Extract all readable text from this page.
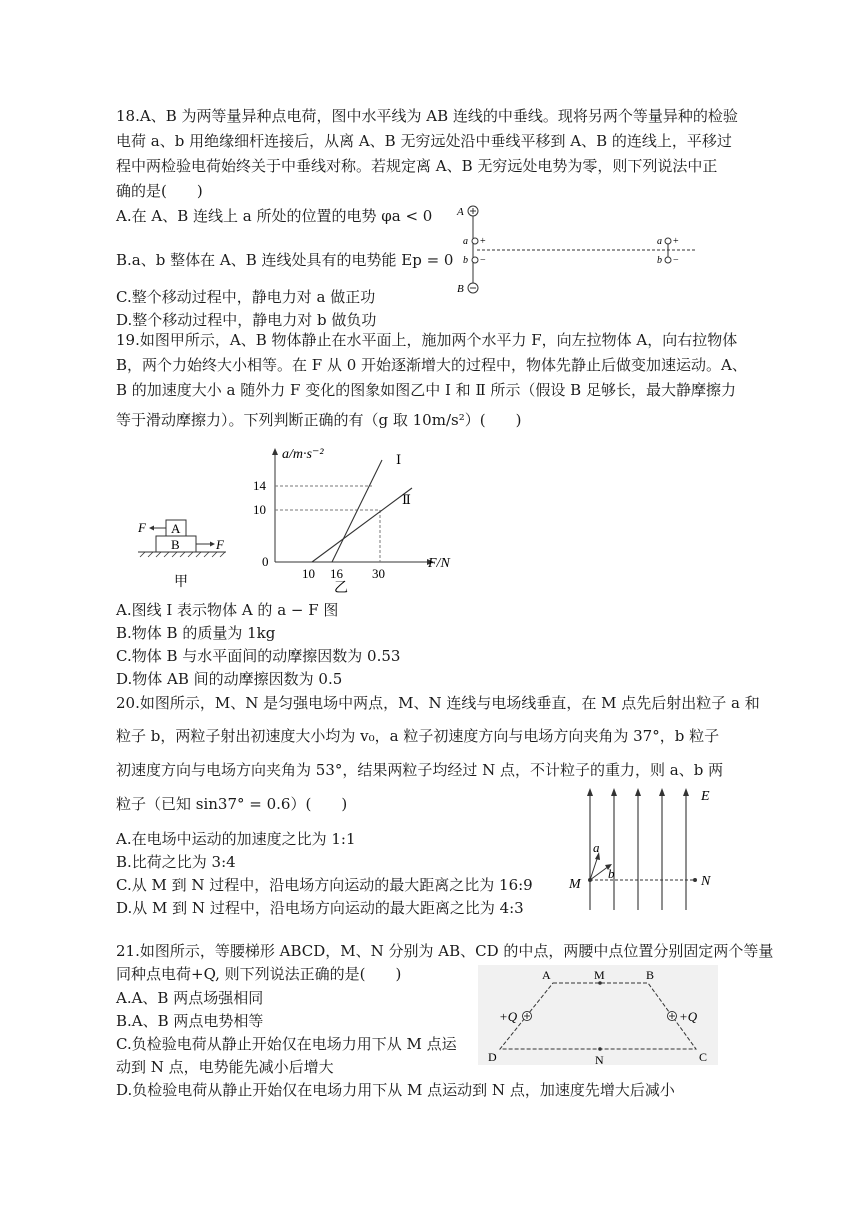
18.A、B 为两等量异种点电荷，图中水平线为 AB 连线的中垂线。现将另两个等量异种的检验
电荷 a、b 用绝缘细杆连接后，从离 A、B 无穷远处沿中垂线平移到 A、B 的连线上，平移过
程中两检验电荷始终关于中垂线对称。若规定离 A、B 无穷远处电势为零，则下列说法中正
确的是(　　)
A.在 A、B 连线上 a 所处的位置的电势 φa < 0
B.a、b 整体在 A、B 连线处具有的电势能 Ep = 0
C.整个移动过程中，静电力对 a 做正功
D.整个移动过程中，静电力对 b 做负功
A
B
+
a
−
b
+
a
−
b
19.如图甲所示，A、B 物体静止在水平面上，施加两个水平力 F，向左拉物体 A，向右拉物体
B，两个力始终大小相等。在 F 从 0 开始逐渐增大的过程中，物体先静止后做变加速运动。A、
B 的加速度大小 a 随外力 F 变化的图象如图乙中 Ⅰ 和 Ⅱ 所示（假设 B 足够长，最大静摩擦力
等于滑动摩擦力）。下列判断正确的有（g 取 10m/s²）(　　)
A
B
F
F
甲
a/m·s⁻²
F/N
0
14
10
10 16 30
Ⅰ
Ⅱ
乙
A.图线 Ⅰ 表示物体 A 的 a − F 图
B.物体 B 的质量为 1kg
C.物体 B 与水平面间的动摩擦因数为 0.53
D.物体 AB 间的动摩擦因数为 0.5
20.如图所示，M、N 是匀强电场中两点，M、N 连线与电场线垂直，在 M 点先后射出粒子 a 和
粒子 b，两粒子射出初速度大小均为 v₀，a 粒子初速度方向与电场方向夹角为 37°，b 粒子
初速度方向与电场方向夹角为 53°，结果两粒子均经过 N 点，不计粒子的重力，则 a、b 两
粒子（已知 sin37° = 0.6）(　　)
A.在电场中运动的加速度之比为 1:1
B.比荷之比为 3:4
C.从 M 到 N 过程中，沿电场方向运动的最大距离之比为 16:9
D.从 M 到 N 过程中，沿电场方向运动的最大距离之比为 4:3
E
M	N
a
b
21.如图所示，等腰梯形 ABCD，M、N 分别为 AB、CD 的中点，两腰中点位置分别固定两个等量
同种点电荷+Q, 则下列说法正确的是(　　)
A.A、B 两点场强相同
B.A、B 两点电势相等
C.负检验电荷从静止开始仅在电场力用下从 M 点运
动到 N 点，电势能先减小后增大
D.负检验电荷从静止开始仅在电场力用下从 M 点运动到 N 点，加速度先增大后减小
A	M	B
D	N	C
+Q	+Q
